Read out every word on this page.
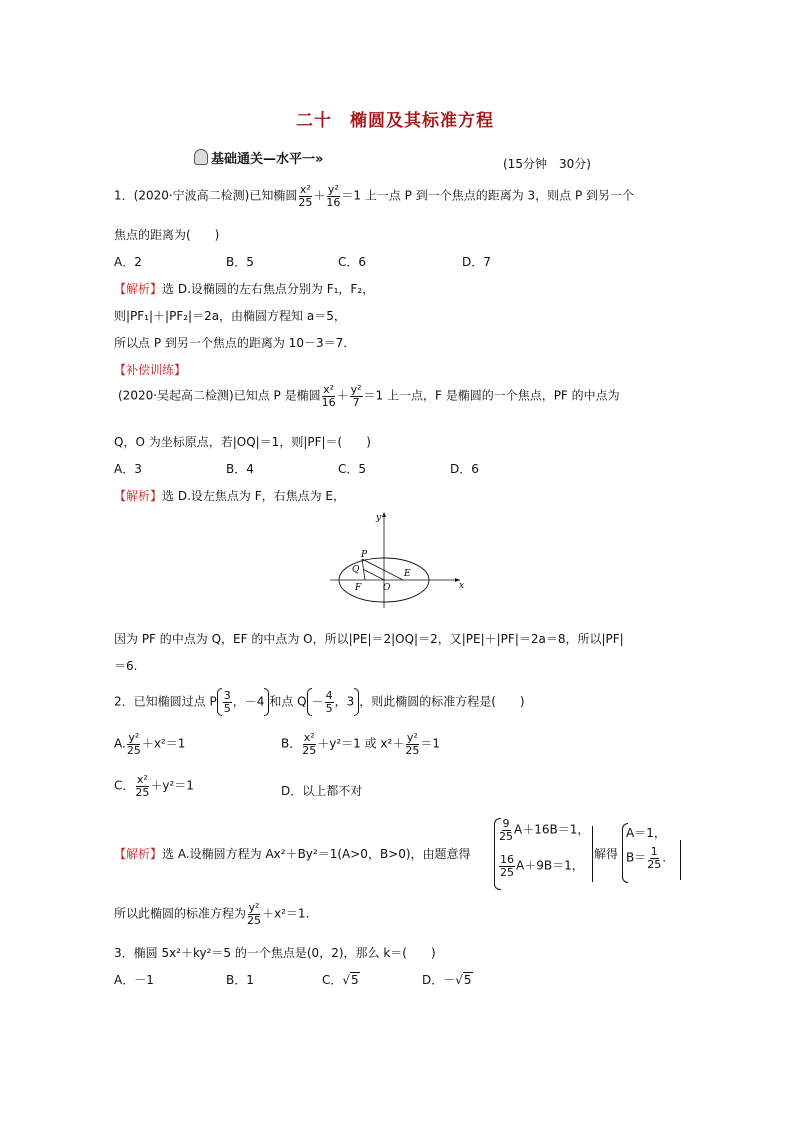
二十　椭圆及其标准方程
基础通关—水平一»	(15分钟　30分)
1．(2020·宁波高二检测)已知椭圆 $\frac{\text{x²}}{25} + \frac{\text{y²}}{16} =1$ 上一点 P 到一个焦点的距离为 3，则点 P 到另一个
焦点的距离为(　　)
A．2	B．5	C．6	D．7
【解析】选 D.设椭圆的左右焦点分别为 F₁，F₂，
则|PF₁|＋|PF₂|＝2a，由椭圆方程知 a＝5，
所以点 P 到另一个焦点的距离为 10－3＝7.
【补偿训练】
(2020·吴起高二检测)已知点 P 是椭圆 $\frac{\text{x²}}{16} + \frac{\text{y²}}{7} =1$ 上一点，F 是椭圆的一个焦点，PF 的中点为
Q，O 为坐标原点，若|OQ|＝1，则|PF|＝(　　)
A．3	B．4	C．5	D．6
【解析】选 D.设左焦点为 F，右焦点为 E，
y
x
P
Q
F O
E
因为 PF 的中点为 Q，EF 的中点为 O，所以|PE|＝2|OQ|＝2，又|PE|＋|PF|＝2a＝8，所以|PF|
＝6.
2．已知椭圆过点 P $\frac{3}{5}$ ，－4 和点 $Q - \frac{4}{5}$ ，3 ，则此椭圆的标准方程是(　　)
A. $\frac{\text{y²}}{25} +x^2=1$	B． $\frac{\text{x²}}{25} +y^2=1$ 或 $x^2+ \frac{\text{y²}}{25} =1$
C． $\frac{\text{x²}}{25} +y^2=1$	D．以上都不对
【解析】选 A.设椭圆方程为 Ax²＋By²＝1(A>0，B>0)，由题意得
$\frac{9}{25} A+16B=1$，
$\frac{16}{25} A+9B=1$，
解得
A＝1，
$B= \frac{1}{25}$ .
所以此椭圆的标准方程为 $\frac{\text{y²}}{25} +x^2=1$.
3．椭圆 5x²＋ky²＝5 的一个焦点是(0，2)，那么 k＝(　　)
A．－1	B．1	C．√5	D．－√5
